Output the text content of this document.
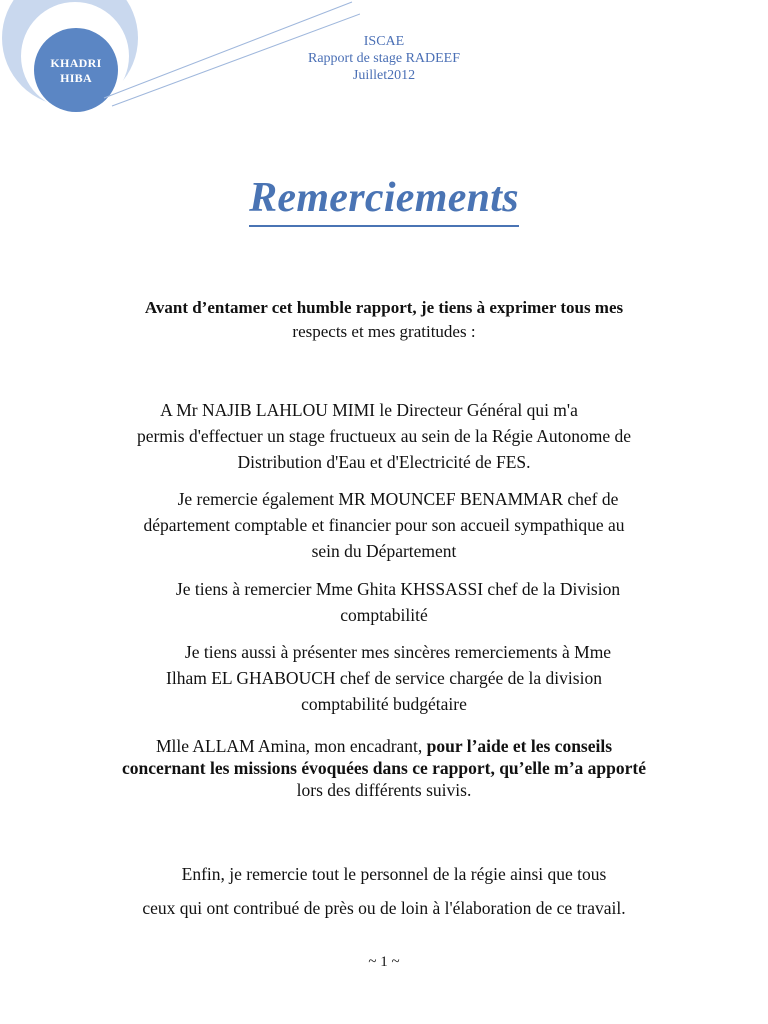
KHADRI
HIBA
ISCAE
Rapport de stage RADEEF
Juillet2012
Remerciements

Avant d’entamer cet humble rapport, je tiens à exprimer tous mes
respects et mes gratitudes :

A Mr NAJIB LAHLOU MIMI le Directeur Général qui m'a
permis d'effectuer un stage fructueux au sein de la Régie Autonome de
Distribution d'Eau et d'Electricité de FES.

Je remercie également MR MOUNCEF BENAMMAR chef de
département comptable et financier pour son accueil sympathique au
sein du Département

Je tiens à remercier Mme Ghita KHSSASSI chef de la Division
comptabilité

Je tiens aussi à présenter mes sincères remerciements à Mme
Ilham EL GHABOUCH chef de service chargée de la division
comptabilité budgétaire

Mlle ALLAM Amina, mon encadrant, pour l’aide et les conseils
concernant les missions évoquées dans ce rapport, qu’elle m’a apporté
lors des différents suivis.

Enfin, je remercie tout le personnel de la régie ainsi que tous
ceux qui ont contribué de près ou de loin à l'élaboration de ce travail.

~ 1 ~
